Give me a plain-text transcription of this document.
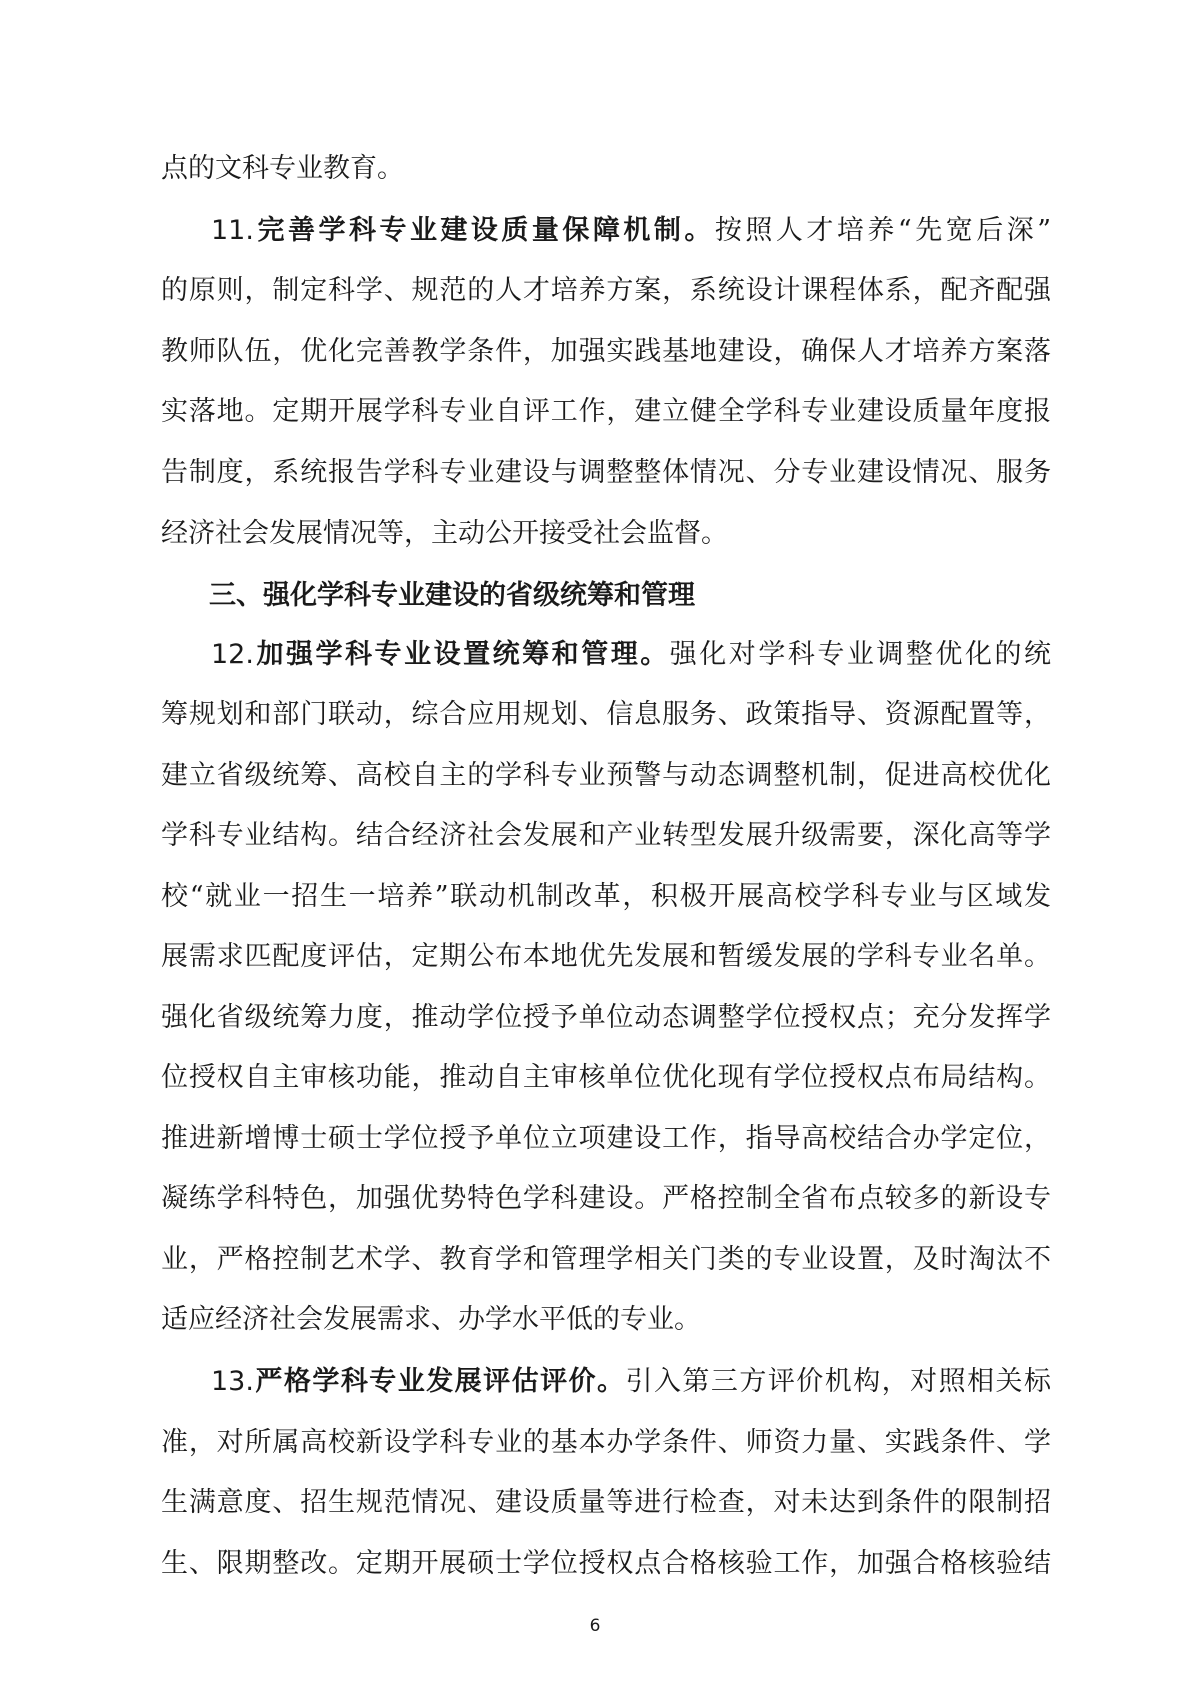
点的文科专业教育。
11.完善学科专业建设质量保障机制。按照人才培养“先宽后深”
的原则，制定科学、规范的人才培养方案，系统设计课程体系，配齐配强
教师队伍，优化完善教学条件，加强实践基地建设，确保人才培养方案落
实落地。定期开展学科专业自评工作，建立健全学科专业建设质量年度报
告制度，系统报告学科专业建设与调整整体情况、分专业建设情况、服务
经济社会发展情况等，主动公开接受社会监督。
三、强化学科专业建设的省级统筹和管理
12.加强学科专业设置统筹和管理。强化对学科专业调整优化的统
筹规划和部门联动，综合应用规划、信息服务、政策指导、资源配置等，
建立省级统筹、高校自主的学科专业预警与动态调整机制，促进高校优化
学科专业结构。结合经济社会发展和产业转型发展升级需要，深化高等学
校“就业一招生一培养”联动机制改革，积极开展高校学科专业与区域发
展需求匹配度评估，定期公布本地优先发展和暂缓发展的学科专业名单。
强化省级统筹力度，推动学位授予单位动态调整学位授权点；充分发挥学
位授权自主审核功能，推动自主审核单位优化现有学位授权点布局结构。
推进新增博士硕士学位授予单位立项建设工作，指导高校结合办学定位，
凝练学科特色，加强优势特色学科建设。严格控制全省布点较多的新设专
业，严格控制艺术学、教育学和管理学相关门类的专业设置，及时淘汰不
适应经济社会发展需求、办学水平低的专业。
13.严格学科专业发展评估评价。引入第三方评价机构，对照相关标
准，对所属高校新设学科专业的基本办学条件、师资力量、实践条件、学
生满意度、招生规范情况、建设质量等进行检查，对未达到条件的限制招
生、限期整改。定期开展硕士学位授权点合格核验工作，加强合格核验结
6
